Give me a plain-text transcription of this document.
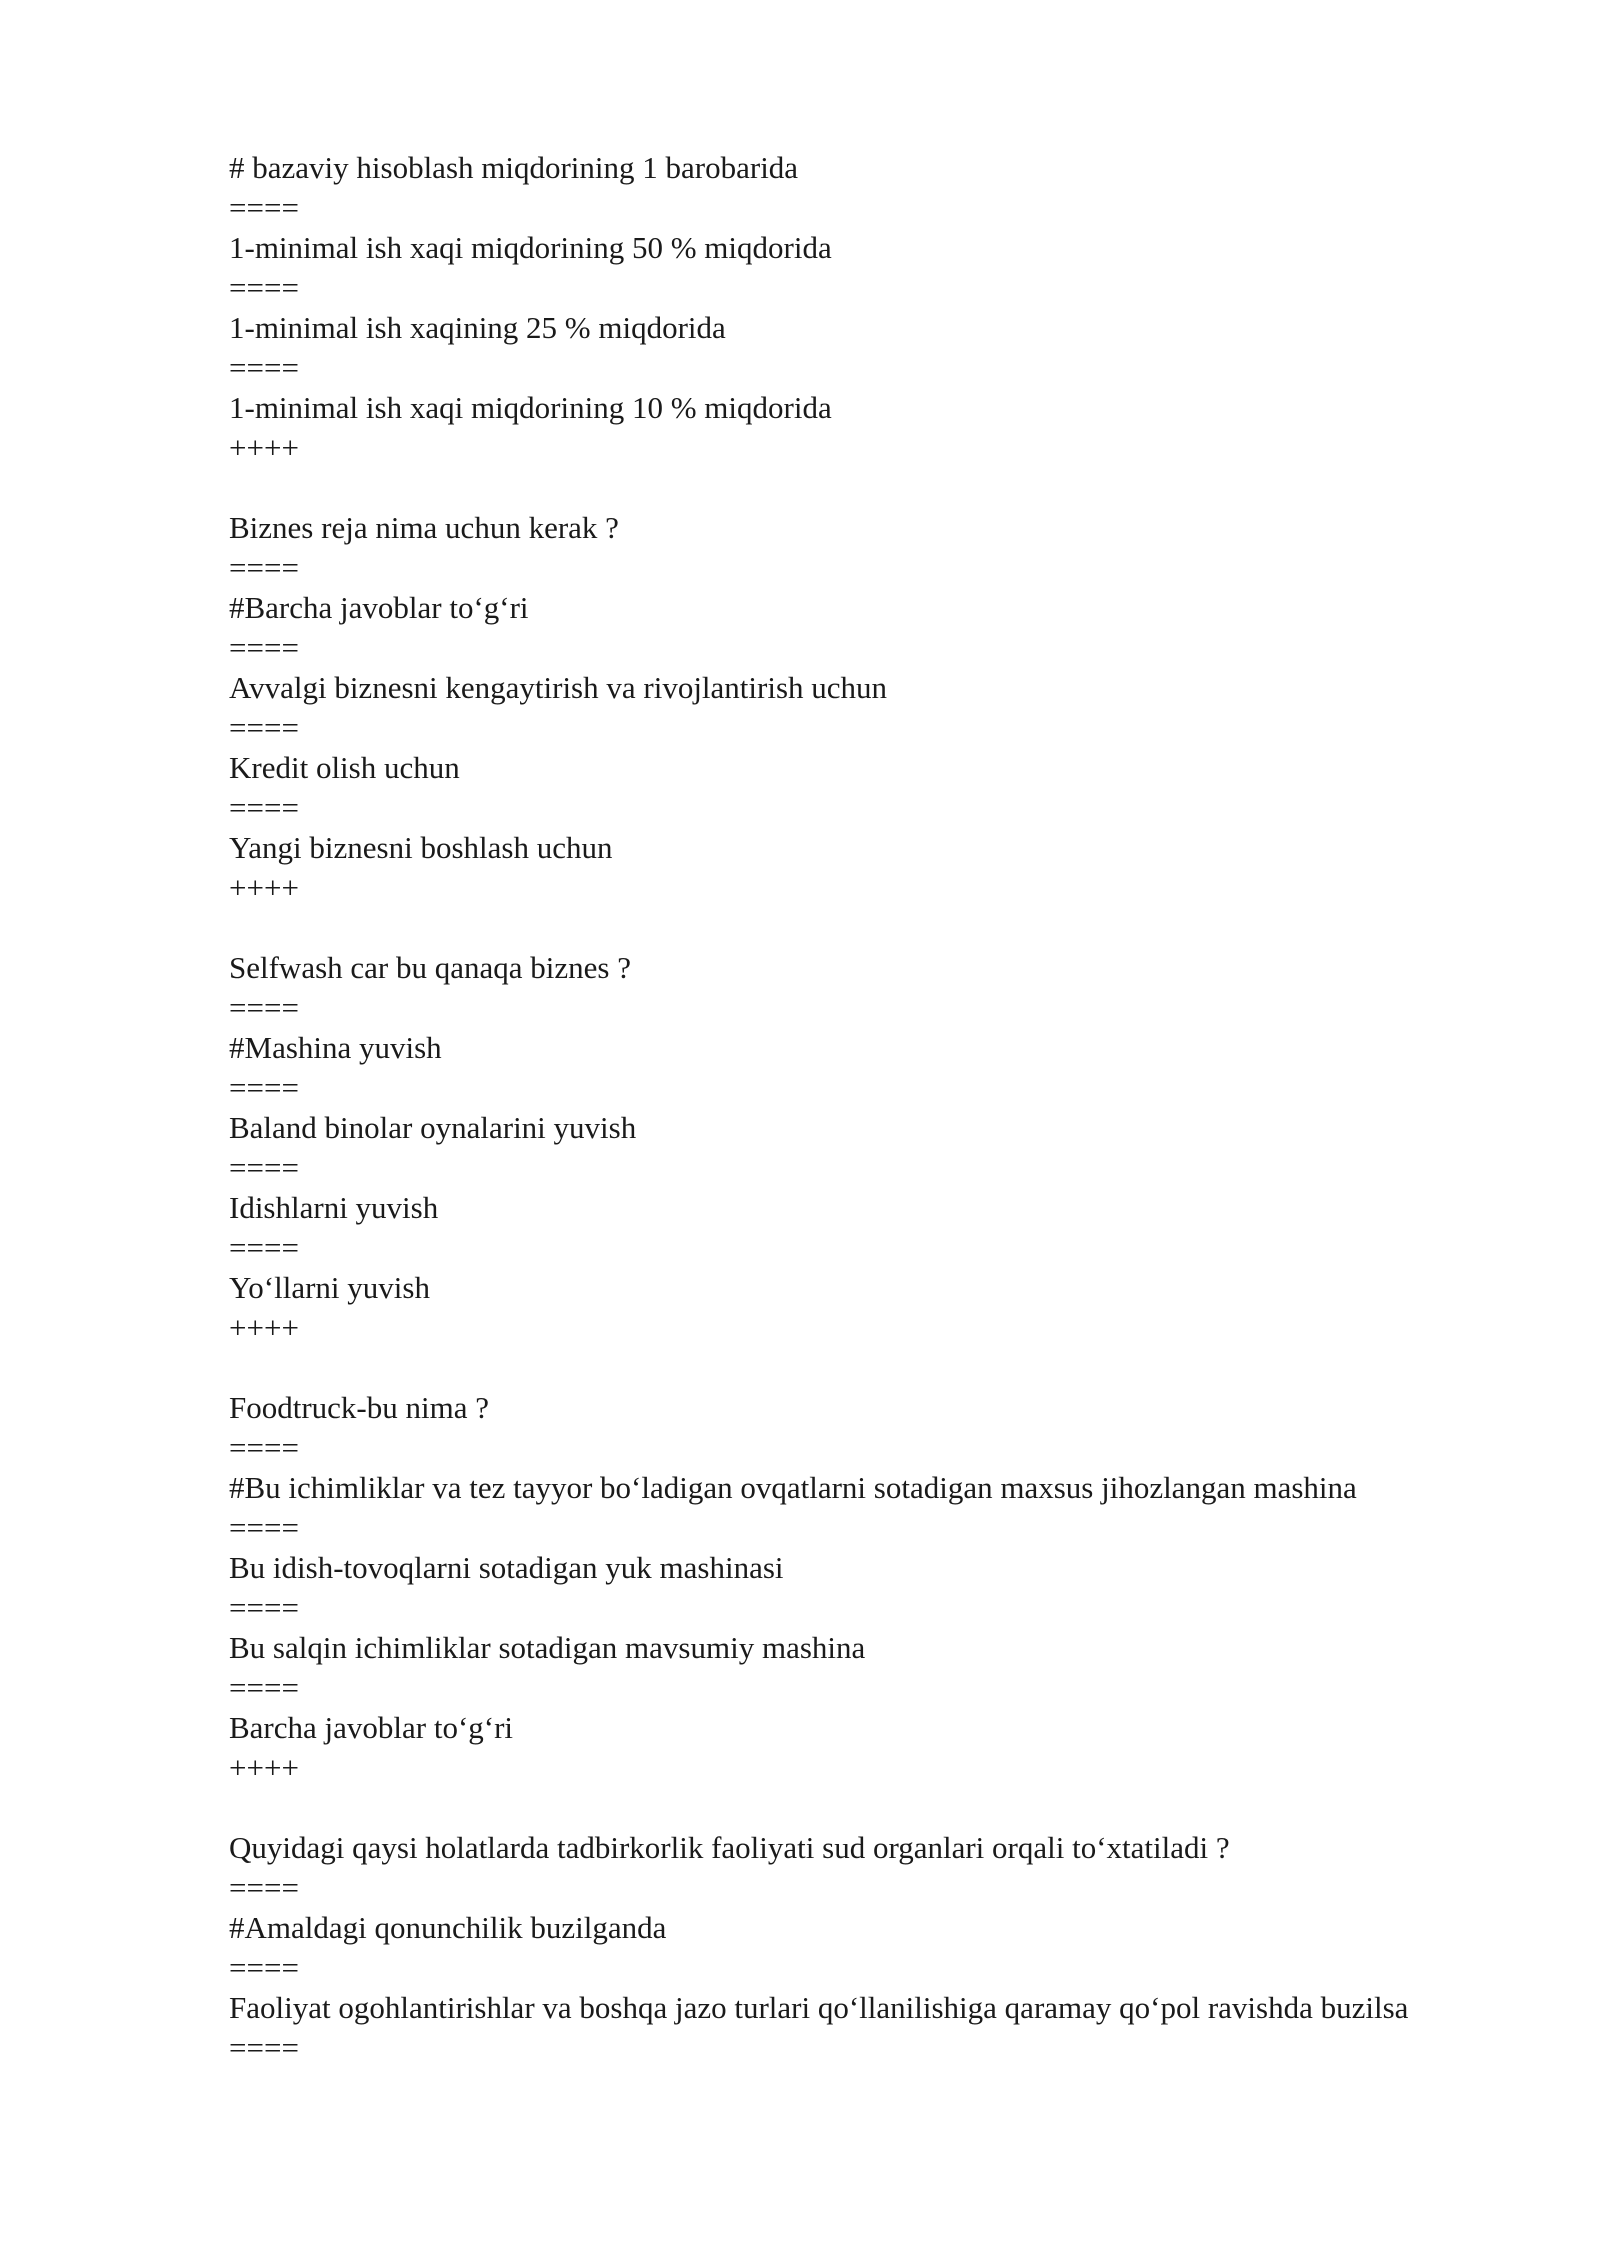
# bazaviy hisoblash miqdorining 1 barobarida
====
1-minimal ish xaqi miqdorining 50 % miqdorida
====
1-minimal ish xaqining 25 % miqdorida
====
1-minimal ish xaqi miqdorining 10 % miqdorida
++++
Biznes reja nima uchun kerak ?
====
#Barcha javoblar to‘g‘ri
====
Avvalgi biznesni kengaytirish va rivojlantirish uchun
====
Kredit olish uchun
====
Yangi biznesni boshlash uchun
++++
Selfwash car bu qanaqa biznes ?
====
#Mashina yuvish
====
Baland binolar oynalarini yuvish
====
Idishlarni yuvish
====
Yo‘llarni yuvish
++++
Foodtruck-bu nima ?
====
#Bu ichimliklar va tez tayyor bo‘ladigan ovqatlarni sotadigan maxsus jihozlangan mashina
====
Bu idish-tovoqlarni sotadigan yuk mashinasi
====
Bu salqin ichimliklar sotadigan mavsumiy mashina
====
Barcha javoblar to‘g‘ri
++++
Quyidagi qaysi holatlarda tadbirkorlik faoliyati sud organlari orqali to‘xtatiladi ?
====
#Amaldagi qonunchilik buzilganda
====
Faoliyat ogohlantirishlar va boshqa jazo turlari qo‘llanilishiga qaramay qo‘pol ravishda buzilsa
====
